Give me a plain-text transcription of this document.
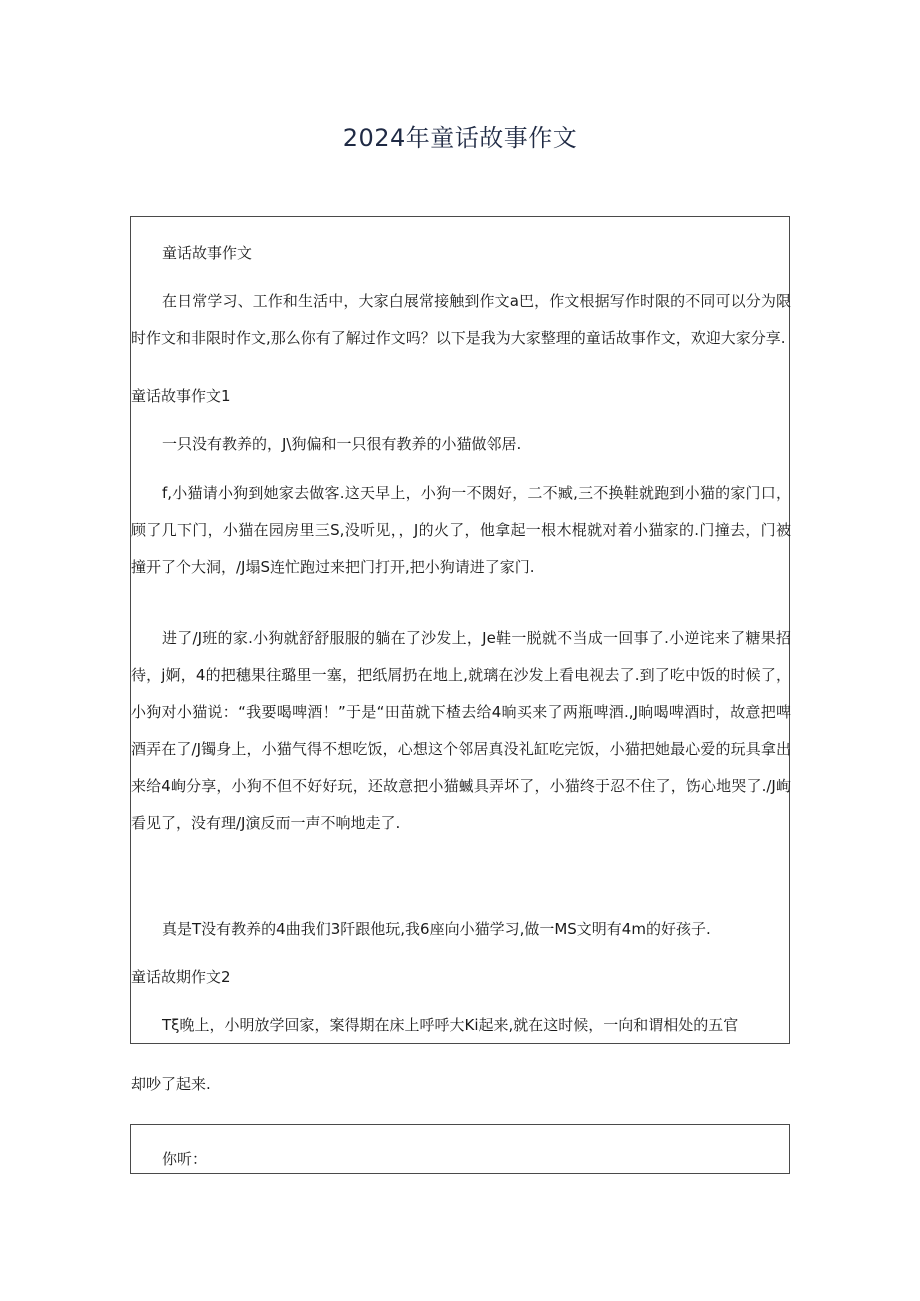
2024年童话故事作文
童话故事作文
在日常学习、工作和生活中，大家白展常接触到作文a巴，作文根据写作时限的不同可以分为限时作文和非限时作文,那么你有了解过作文吗？以下是我为大家整理的童话故事作文，欢迎大家分享.
童话故事作文1
一只没有教养的，J\狗偏和一只很有教养的小猫做邻居.
f,小猫请小狗到她家去做客.这天早上，小狗一不閦好，二不臧,三不换鞋就跑到小猫的家门口，顾了几下门，小猫在园房里三S,没听见，，J的火了，他拿起一根木棍就对着小猫家的.门撞去，门被撞开了个大洞，/J塌S连忙跑过来把门打开,把小狗请进了家门.
进了/J班的家.小狗就舒舒服服的躺在了沙发上，Je鞋一脱就不当成一回事了.小逆诧来了糖果招待，j婀，4的把穗果往璐里一塞，把纸屑扔在地上,就璃在沙发上看电视去了.到了吃中饭的时候了，小狗对小猫说：“我要喝啤酒！”于是“田苗就下楂去给4晌买来了两瓶啤酒.,J晌喝啤酒时，故意把啤酒弄在了/J镯身上，小猫气得不想吃饭，心想这个邻居真没礼缸吃完饭，小猫把她最心爱的玩具拿出来给4峋分享，小狗不但不好好玩，还故意把小猫蝛具弄坏了，小猫终于忍不住了，饬心地哭了./J峋看见了，没有理/J演反而一声不响地走了.
真是T没有教养的4曲我们3阡跟他玩,我6座向小猫学习,做一MS文明有4m的好孩子.
童话故期作文2
Tξ晚上，小明放学回家，案得期在床上呼呼大Ki起来,就在这时候，一向和谓相处的五官
却吵了起来.
你听：
